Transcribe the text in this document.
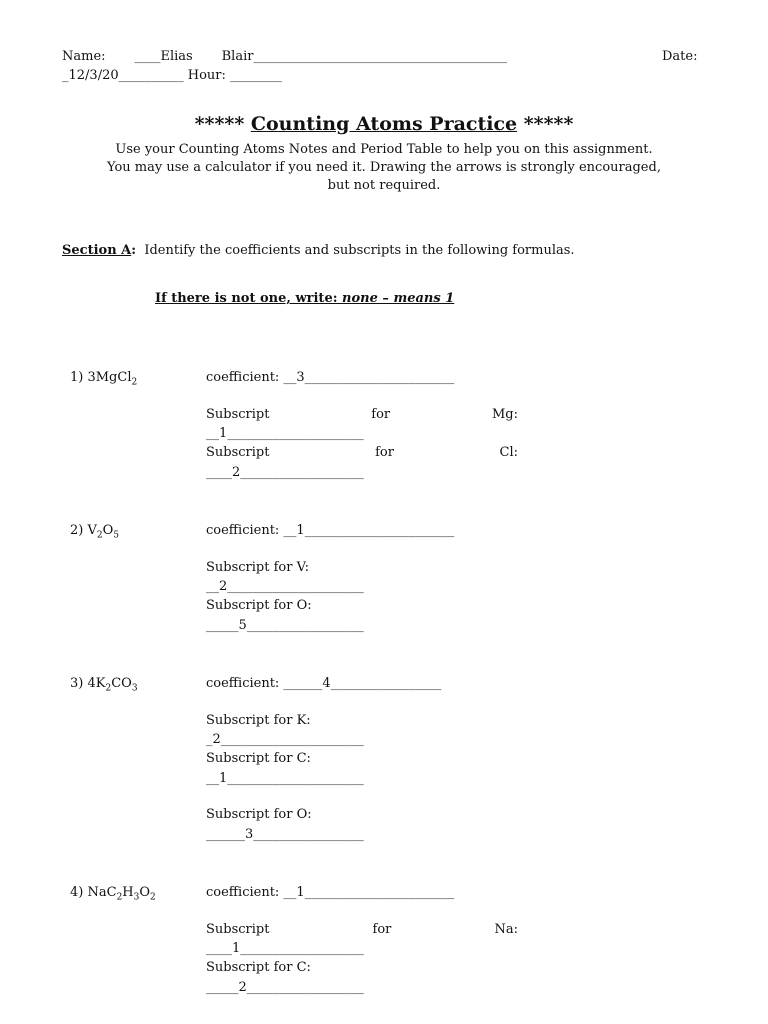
Name:       ____Elias       Blair_______________________________________	Date:
_12/3/20__________ Hour: ________
***** Counting Atoms Practice *****
Use your Counting Atoms Notes and Period Table to help you on this assignment.
You may use a calculator if you need it. Drawing the arrows is strongly encouraged,
but not required.
Section A:  Identify the coefficients and subscripts in the following formulas.
If there is not one, write: none – means 1
1) 3MgCl$_2$	coefficient: __3_______________________
Subscript	for	Mg:
__1_____________________
Subscript	for	Cl:
____2___________________
2) $V_2O_5$	coefficient: __1_______________________
Subscript for V:
__2_____________________
Subscript for O:
_____5__________________
3) $4K_2CO_3$	coefficient: ______4_________________
Subscript for K:
_2______________________
Subscript for C:
__1_____________________
Subscript for O:
______3_________________
4) $NaC_2H_3O_2$	coefficient: __1_______________________
Subscript	for	Na:
____1___________________
Subscript for C:
_____2__________________
